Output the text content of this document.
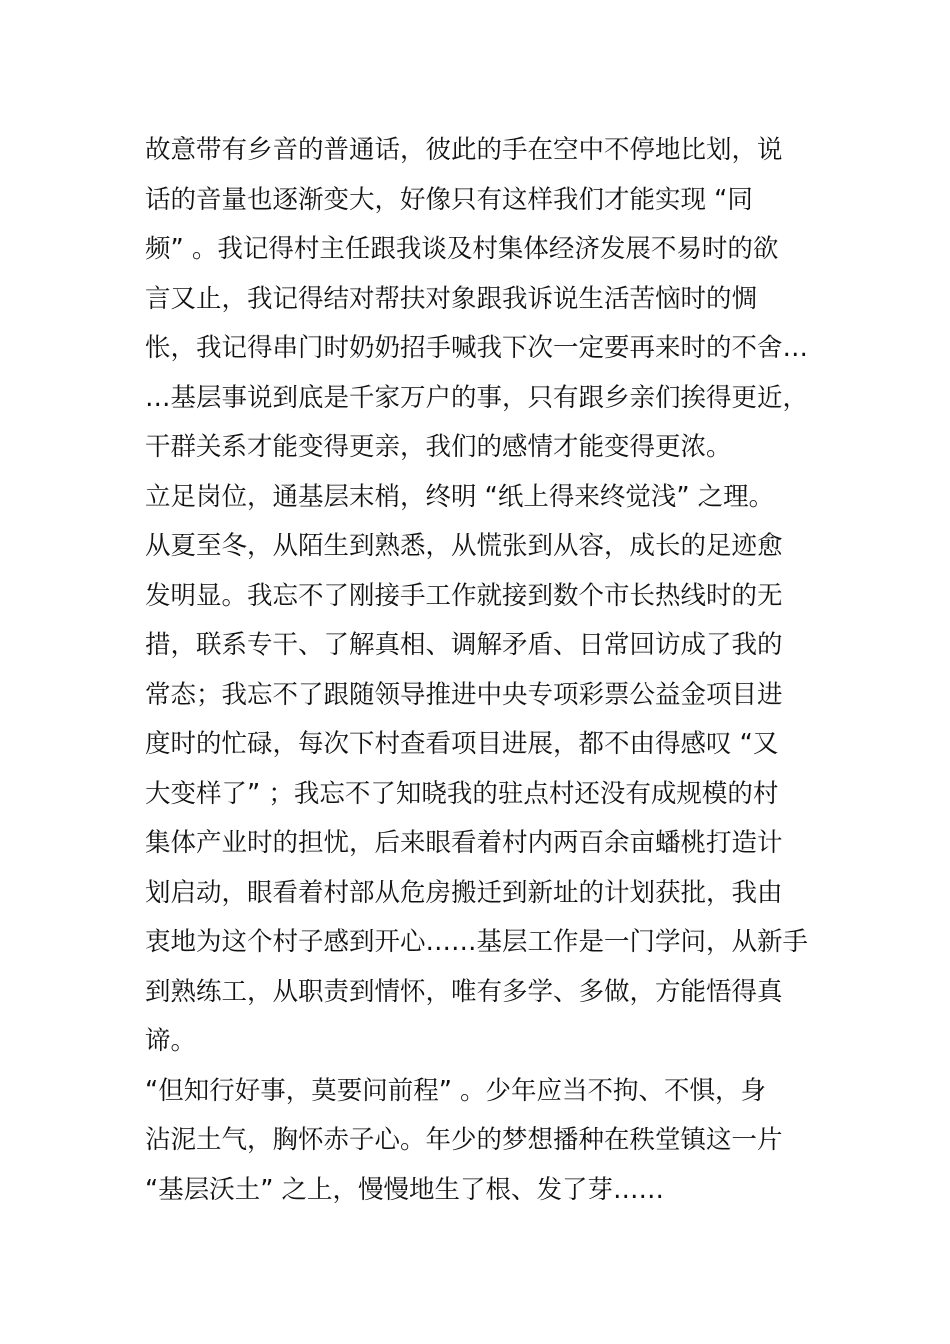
故意带有乡音的普通话，彼此的手在空中不停地比划，说
话的音量也逐渐变大，好像只有这样我们才能实现 “同
频” 。我记得村主任跟我谈及村集体经济发展不易时的欲
言又止，我记得结对帮扶对象跟我诉说生活苦恼时的惆
怅，我记得串门时奶奶招手喊我下次一定要再来时的不舍…
…基层事说到底是千家万户的事，只有跟乡亲们挨得更近，
干群关系才能变得更亲，我们的感情才能变得更浓。
立足岗位，通基层末梢，终明 “纸上得来终觉浅” 之理。
从夏至冬，从陌生到熟悉，从慌张到从容，成长的足迹愈
发明显。我忘不了刚接手工作就接到数个市长热线时的无
措，联系专干、了解真相、调解矛盾、日常回访成了我的
常态；我忘不了跟随领导推进中央专项彩票公益金项目进
度时的忙碌，每次下村查看项目进展，都不由得感叹 “又
大变样了” ；我忘不了知晓我的驻点村还没有成规模的村
集体产业时的担忧，后来眼看着村内两百余亩蟠桃打造计
划启动，眼看着村部从危房搬迁到新址的计划获批，我由
衷地为这个村子感到开心……基层工作是一门学问，从新手
到熟练工，从职责到情怀，唯有多学、多做，方能悟得真
谛。
“但知行好事，莫要问前程” 。少年应当不拘、不惧，身
沾泥土气，胸怀赤子心。年少的梦想播种在秩堂镇这一片
“基层沃土” 之上，慢慢地生了根、发了芽……
